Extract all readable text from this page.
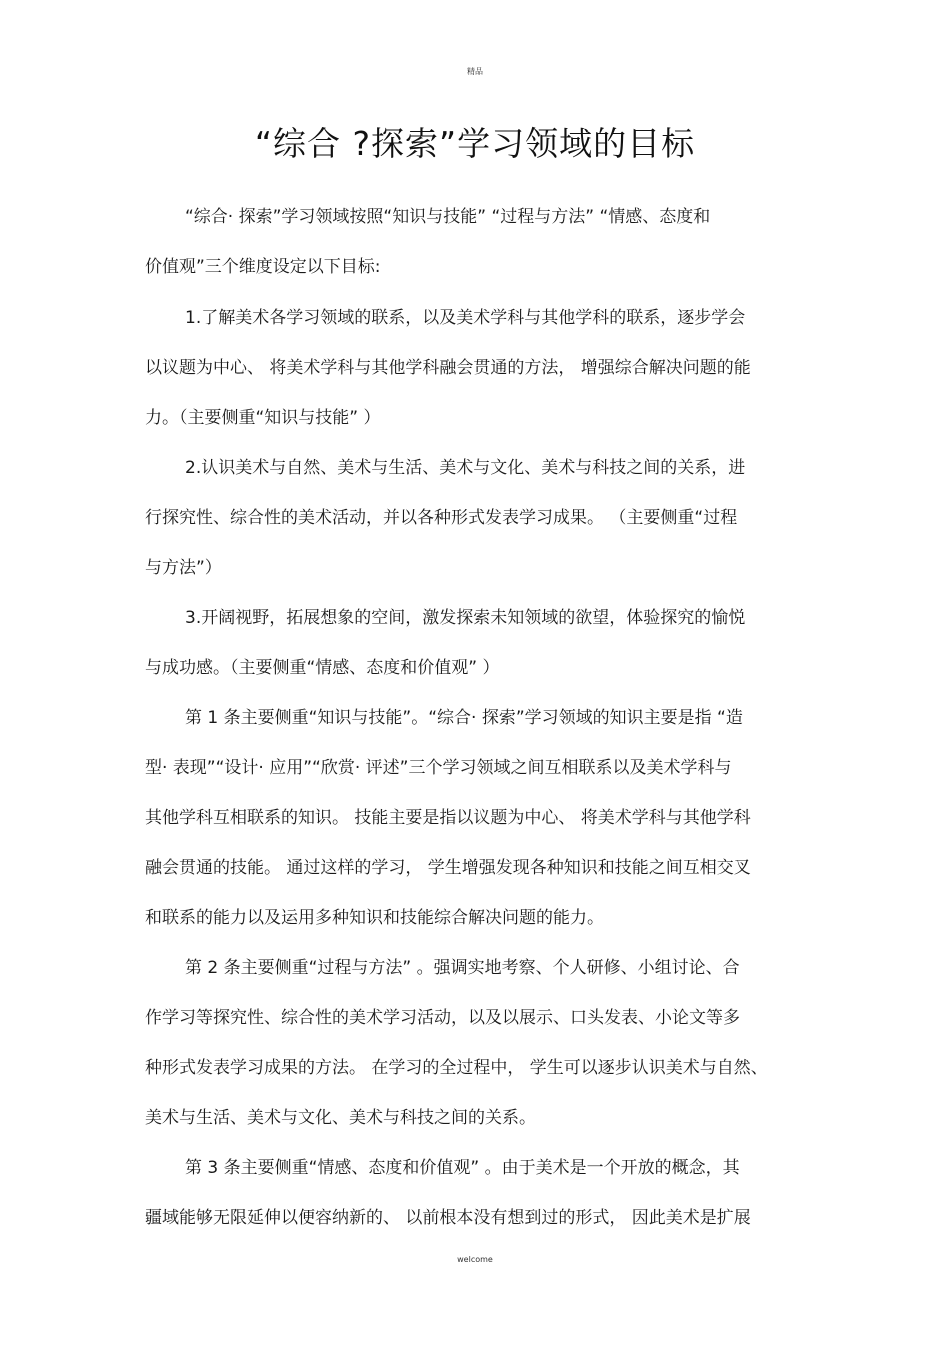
精品
“综合 ?探索”学习领域的目标
“综合· 探索”学习领域按照“知识与技能” “过程与方法” “情感、态度和
价值观”三个维度设定以下目标:
1.了解美术各学习领域的联系，以及美术学科与其他学科的联系，逐步学会
以议题为中心、 将美术学科与其他学科融会贯通的方法， 增强综合解决问题的能
力。（主要侧重“知识与技能” ）
2.认识美术与自然、美术与生活、美术与文化、美术与科技之间的关系，进
行探究性、综合性的美术活动，并以各种形式发表学习成果。 （主要侧重“过程
与方法”）
3.开阔视野，拓展想象的空间，激发探索未知领域的欲望，体验探究的愉悦
与成功感。（主要侧重“情感、态度和价值观” ）
第 1 条主要侧重“知识与技能”。“综合· 探索”学习领域的知识主要是指 “造
型· 表现”“设计· 应用”“欣赏· 评述”三个学习领域之间互相联系以及美术学科与
其他学科互相联系的知识。 技能主要是指以议题为中心、 将美术学科与其他学科
融会贯通的技能。 通过这样的学习， 学生增强发现各种知识和技能之间互相交叉
和联系的能力以及运用多种知识和技能综合解决问题的能力。
第 2 条主要侧重“过程与方法” 。强调实地考察、个人研修、小组讨论、合
作学习等探究性、综合性的美术学习活动，以及以展示、口头发表、小论文等多
种形式发表学习成果的方法。 在学习的全过程中， 学生可以逐步认识美术与自然、
美术与生活、美术与文化、美术与科技之间的关系。
第 3 条主要侧重“情感、态度和价值观” 。由于美术是一个开放的概念，其
疆域能够无限延伸以便容纳新的、 以前根本没有想到过的形式， 因此美术是扩展
welcome
